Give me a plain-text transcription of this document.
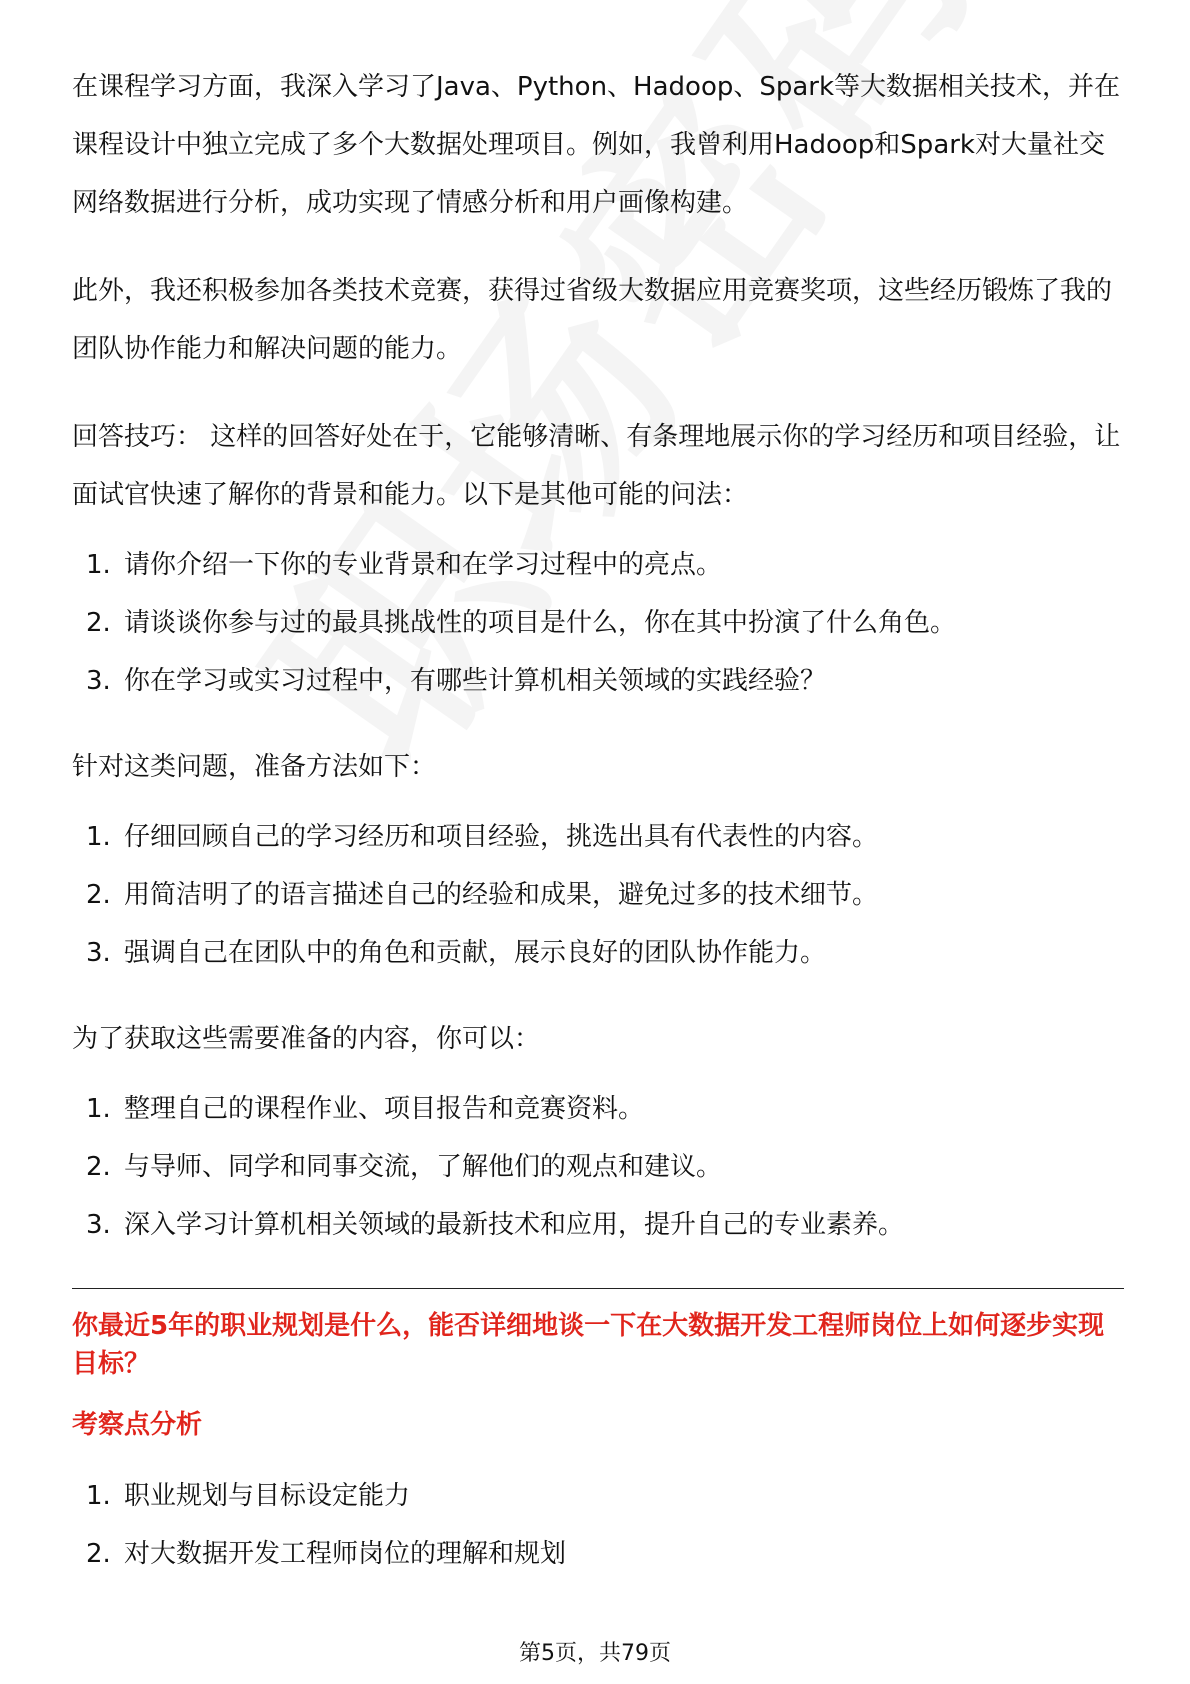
在课程学习方面，我深入学习了Java、Python、Hadoop、Spark等大数据相关技术，并在课程设计中独立完成了多个大数据处理项目。例如，我曾利用Hadoop和Spark对大量社交网络数据进行分析，成功实现了情感分析和用户画像构建。

此外，我还积极参加各类技术竞赛，获得过省级大数据应用竞赛奖项，这些经历锻炼了我的团队协作能力和解决问题的能力。

回答技巧： 这样的回答好处在于，它能够清晰、有条理地展示你的学习经历和项目经验，让面试官快速了解你的背景和能力。以下是其他可能的问法：

1. 请你介绍一下你的专业背景和在学习过程中的亮点。
2. 请谈谈你参与过的最具挑战性的项目是什么，你在其中扮演了什么角色。
3. 你在学习或实习过程中，有哪些计算机相关领域的实践经验？

针对这类问题，准备方法如下：

1. 仔细回顾自己的学习经历和项目经验，挑选出具有代表性的内容。
2. 用简洁明了的语言描述自己的经验和成果，避免过多的技术细节。
3. 强调自己在团队中的角色和贡献，展示良好的团队协作能力。

为了获取这些需要准备的内容，你可以：

1. 整理自己的课程作业、项目报告和竞赛资料。
2. 与导师、同学和同事交流，了解他们的观点和建议。
3. 深入学习计算机相关领域的最新技术和应用，提升自己的专业素养。
你最近5年的职业规划是什么，能否详细地谈一下在大数据开发工程师岗位上如何逐步实现目标？
考察点分析
1. 职业规划与目标设定能力
2. 对大数据开发工程师岗位的理解和规划
第5页，共79页
